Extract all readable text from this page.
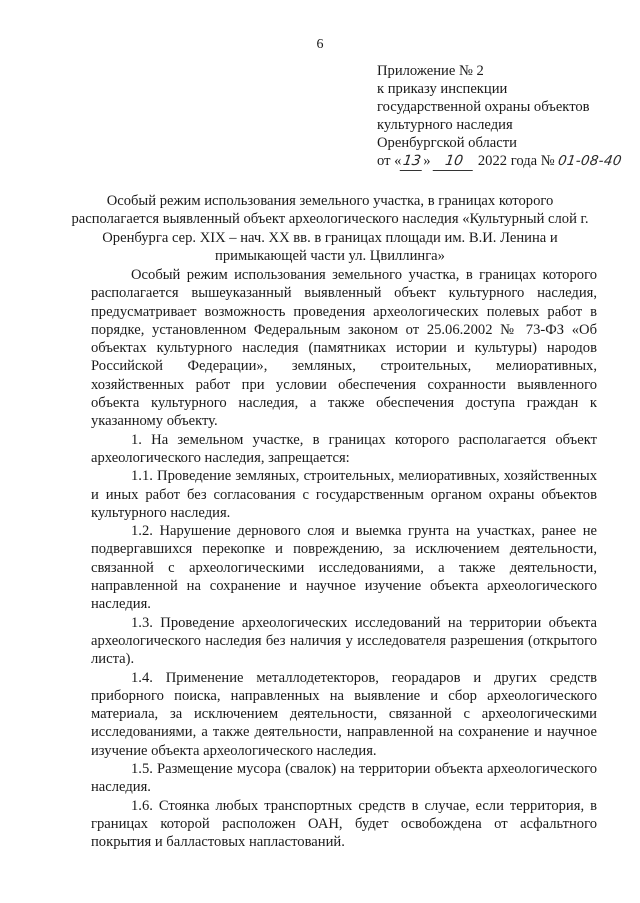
6
Приложение № 2
к приказу инспекции
государственной охраны объектов
культурного наследия
Оренбургской области
от «13» 10 2022 года № 01-08-40
Особый режим использования земельного участка, в границах которого располагается выявленный объект археологического наследия «Культурный слой г. Оренбурга сер. XIX – нач. XX вв. в границах площади им. В.И. Ленина и примыкающей части ул. Цвиллинга»

Особый режим использования земельного участка, в границах которого располагается вышеуказанный выявленный объект культурного наследия, предусматривает возможность проведения археологических полевых работ в порядке, установленном Федеральным законом от 25.06.2002 № 73-ФЗ «Об объектах культурного наследия (памятниках истории и культуры) народов Российской Федерации», земляных, строительных, мелиоративных, хозяйственных работ при условии обеспечения сохранности выявленного объекта культурного наследия, а также обеспечения доступа граждан к указанному объекту.

1. На земельном участке, в границах которого располагается объект археологического наследия, запрещается:

1.1. Проведение земляных, строительных, мелиоративных, хозяйственных и иных работ без согласования с государственным органом охраны объектов культурного наследия.

1.2. Нарушение дернового слоя и выемка грунта на участках, ранее не подвергавшихся перекопке и повреждению, за исключением деятельности, связанной с археологическими исследованиями, а также деятельности, направленной на сохранение и научное изучение объекта археологического наследия.

1.3. Проведение археологических исследований на территории объекта археологического наследия без наличия у исследователя разрешения (открытого листа).

1.4. Применение металлодетекторов, георадаров и других средств приборного поиска, направленных на выявление и сбор археологического материала, за исключением деятельности, связанной с археологическими исследованиями, а также деятельности, направленной на сохранение и научное изучение объекта археологического наследия.

1.5. Размещение мусора (свалок) на территории объекта археологического наследия.

1.6. Стоянка любых транспортных средств в случае, если территория, в границах которой расположен ОАН, будет освобождена от асфальтного покрытия и балластовых напластований.
